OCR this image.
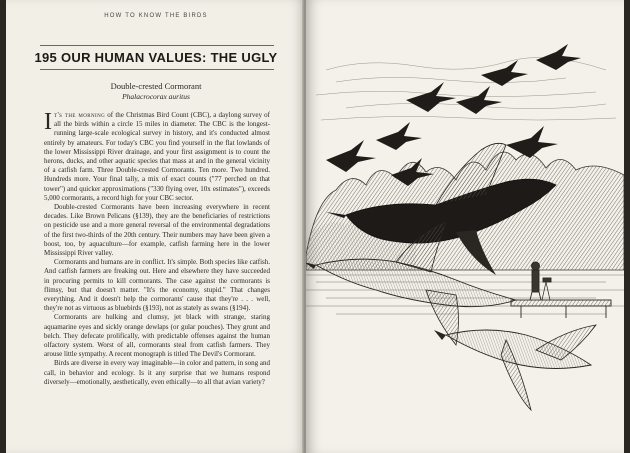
HOW TO KNOW THE BIRDS
195 OUR HUMAN VALUES: THE UGLY
Double-crested Cormorant
Phalacrocorax auritus

It's the morning of the Christmas Bird Count (CBC), a daylong survey of all the birds within a circle 15 miles in diameter. The CBC is the longest-running large-scale ecological survey in history, and it's conducted almost entirely by amateurs. For today's CBC you find yourself in the flat lowlands of the lower Mississippi River drainage, and your first assignment is to count the herons, ducks, and other aquatic species that mass at and in the general vicinity of a catfish farm. Three Double-crested Cormorants. Ten more. Two hundred. Hundreds more. Your final tally, a mix of exact counts ("77 perched on that tower") and quicker approximations ("330 flying over, 10x estimates"), exceeds 5,000 cormorants, a record high for your CBC sector.

Double-crested Cormorants have been increasing everywhere in recent decades. Like Brown Pelicans (§139), they are the beneficiaries of restrictions on pesticide use and a more general reversal of the environmental degradations of the first two-thirds of the 20th century. Their numbers may have been given a boost, too, by aquaculture—for example, catfish farming here in the lower Mississippi River valley.

Cormorants and humans are in conflict. It's simple. Both species like catfish. And catfish farmers are freaking out. Here and elsewhere they have succeeded in procuring permits to kill cormorants. The case against the cormorants is flimsy, but that doesn't matter. "It's the economy, stupid." That changes everything. And it doesn't help the cormorants' cause that they're . . . well, they're not as virtuous as bluebirds (§193), not as stately as swans (§194).

Cormorants are hulking and clumsy, jet black with strange, staring aquamarine eyes and sickly orange dewlaps (or gular pouches). They grunt and belch. They defecate prolifically, with predictable offenses against the human olfactory system. Worst of all, cormorants steal from catfish farmers. They arouse little sympathy. A recent monograph is titled The Devil's Cormorant.

Birds are diverse in every way imaginable—in color and pattern, in song and call, in behavior and ecology. Is it any surprise that we humans respond diversely—emotionally, aesthetically, even ethically—to all that avian variety?
